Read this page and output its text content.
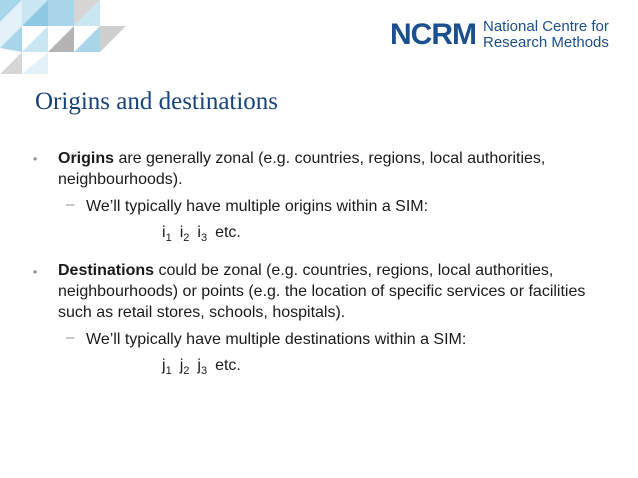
NCRM National Centre for
Research Methods
Origins and destinations
• Origins are generally zonal (e.g. countries, regions, local authorities, neighbourhoods).
– We’ll typically have multiple origins within a SIM:
$i_1$ $i_2$ $i_3$ etc.
• Destinations could be zonal (e.g. countries, regions, local authorities, neighbourhoods) or points (e.g. the location of specific services or facilities such as retail stores, schools, hospitals).
– We’ll typically have multiple destinations within a SIM:
$j_1$ $j_2$ $j_3$ etc.
